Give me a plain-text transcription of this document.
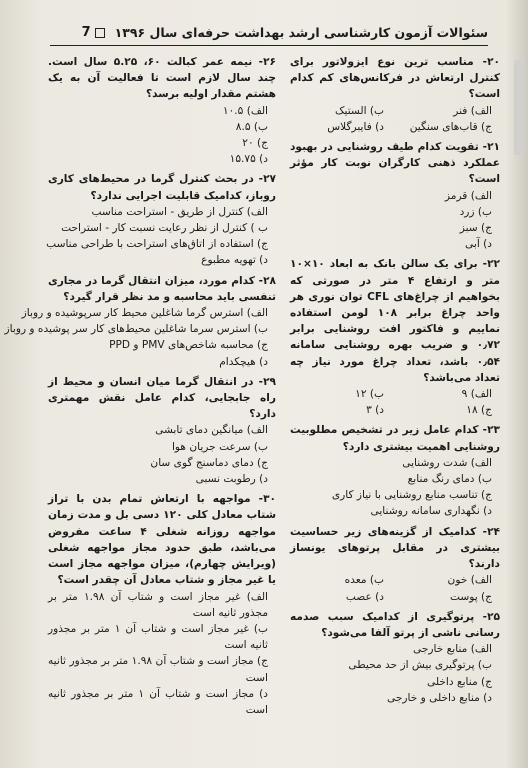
سئوالات آزمون کارشناسی ارشد بهداشت حرفه‌ای سال ۱۳۹۶
7
۲۰- مناسب ترین نوع ایزولاتور برای کنترل ارتعاش در فرکانس‌های کم کدام است؟
الف) فنر
ب) الستیک
ج) قاب‌های سنگین
د) فایبرگلاس
۲۱- تقویت کدام طیف روشنایی در بهبود عملکرد ذهنی کارگران نوبت کار مؤثر است؟
الف) قرمز
ب) زرد
ج) سبز
د) آبی
۲۲- برای یک سالن بانک به ابعاد ۱۰×۱۰ متر و ارتفاع ۴ متر در صورتی که بخواهیم از چراغ‌های CFL توان نوری هر واحد چراغ برابر ۱۰۸ لومن استفاده نماییم و فاکتور افت روشنایی برابر ۰٫۷۲ و ضریب بهره روشنایی سامانه ۰٫۵۴ باشد، تعداد چراغ مورد نیاز چه تعداد می‌باشد؟
الف) ۹
ب) ۱۲
ج) ۱۸
د) ۳
۲۳- کدام عامل زیر در تشخیص مطلوبیت روشنایی اهمیت بیشتری دارد؟
الف) شدت روشنایی
ب) دمای رنگ منابع
ج) تناسب منابع روشنایی با نیاز کاری
د) نگهداری سامانه روشنایی
۲۴- کدامیک از گزینه‌های زیر حساسیت بیشتری در مقابل پرتوهای یونساز دارند؟
الف) خون
ب) معده
ج) پوست
د) عصب
۲۵- پرتوگیری از کدامیک سبب صدمه رسانی ناشی از پرتو آلفا می‌شود؟
الف) منابع خارجی
ب) پرتوگیری بیش از حد محیطی
ج) منابع داخلی
د) منابع داخلی و خارجی
۲۶- نیمه عمر کبالت ۶۰، ۵.۲۵ سال است. چند سال لازم است تا فعالیت آن به یک هشتم مقدار اولیه برسد؟
الف) ۱۰.۵
ب) ۸.۵
ج) ۲۰
د) ۱۵.۷۵
۲۷- در بحث کنترل گرما در محیط‌های کاری روباز، کدامیک قابلیت اجرایی ندارد؟
الف) کنترل از طریق - استراحت مناسب
ب ) کنترل از نظر رعایت نسبت کار - استراحت
ج) استفاده از اتاق‌های استراحت با طراحی مناسب
د) تهویه مطبوع
۲۸- کدام مورد، میزان انتقال گرما در مجاری تنفسی باید محاسبه و مد نظر قرار گیرد؟
الف) استرس گرما شاغلین محیط کار سرپوشیده و روباز
ب) استرس سرما شاغلین محیط‌های کار سر پوشیده و روباز
ج) محاسبه شاخص‌های PMV و PPD
د) هیچکدام
۲۹- در انتقال گرما میان انسان و محیط از راه جابجایی، کدام عامل نقش مهمتری دارد؟
الف) میانگین دمای تابشی
ب) سرعت جریان هوا
ج) دمای دماسنج گوی سان
د) رطوبت نسبی
۳۰- مواجهه با ارتعاش تمام بدن با تراز شتاب معادل کلی ۱۲۰ دسی بل و مدت زمان مواجهه روزانه شغلی ۴ ساعت مفروض می‌باشد، طبق حدود مجاز مواجهه شغلی (ویرایش چهارم)، میزان مواجهه مجاز است یا غیر مجاز و شتاب معادل آن چقدر است؟
الف) غیر مجاز است و شتاب آن ۱.۹۸ متر بر مجذور ثانیه است
ب) غیر مجاز است و شتاب آن ۱ متر بر مجذور ثانیه است
ج) مجاز است و شتاب آن ۱.۹۸ متر بر مجذور ثانیه است
د) مجاز است و شتاب آن ۱ متر بر مجذور ثانیه است
